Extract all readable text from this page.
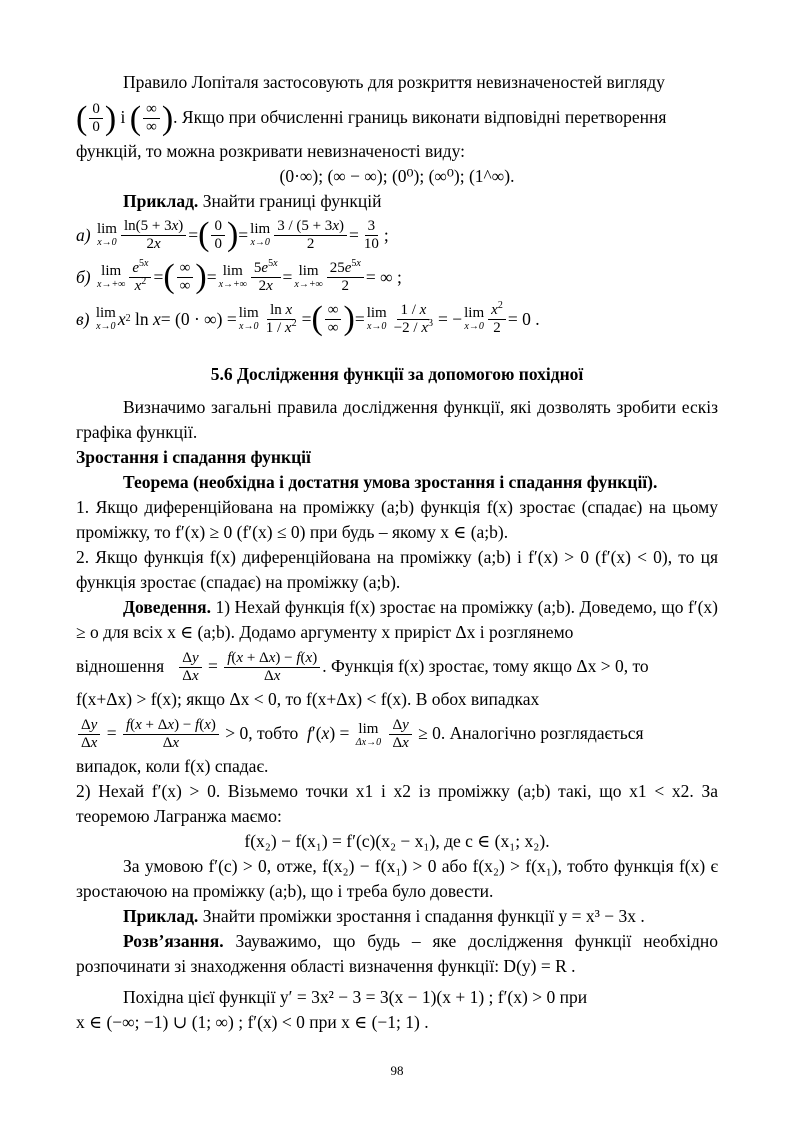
Правило Лопіталя застосовують для розкриття невизначеностей вигляду

( $\frac{0}{0}$ ) і ( $\frac{\infty}{\infty}$ ) . Якщо при обчисленні границь виконати відповідні перетворення

функцій, то можна розкривати невизначеності виду:

(0·∞); (∞ − ∞); (0⁰); (∞⁰); (1^∞).

Приклад. Знайти границі функцій

а)
lim
$x\to 0 \frac{\ln(5 + 3x)}{2x}$ = ( $\frac{0}{0}$ ) = lim
$x\to 0 \frac{3 / (5 + 3x)}{2} = \frac{3}{10}$ ;
б)
lim
$x\to+\infty \frac{e^{5x}}{x^2}$ = ( $\frac{\infty}{\infty}$ ) = lim
$x\to+\infty \frac{5e^{5x}}{2x} = \lim$
$x\to+\infty \frac{25e^{5x}}{2}$ = ∞ ;
в)
lim
x→0 x 2 ln x = (0 · ∞) = lim
$x\to 0 \frac{\text{ln x}}{1 / x^2}$ = ( $\frac{\infty}{\infty}$ ) = lim
$x\to 0 \frac{1 / x}{-2 / x^3}$ = − lim
$x\to 0 \frac{x^2}{2} = 0$ .
5.6 Дослідження функції за допомогою похідної

Визначимо загальні правила дослідження функції, які дозволять зробити ескіз графіка функції.

Зростання і спадання функції

Теорема (необхідна і достатня умова зростання і спадання функції).

1. Якщо диференційована на проміжку (a;b) функція f(x) зростає (спадає) на цьому проміжку, то f′(x) ≥ 0 (f′(x) ≤ 0) при будь – якому x ∈ (a;b).

2. Якщо функція f(x) диференційована на проміжку (a;b) і f′(x) > 0 (f′(x) < 0), то ця функція зростає (спадає) на проміжку (a;b).

Доведення. 1) Нехай функція f(x) зростає на проміжку (a;b). Доведемо, що f′(x) ≥ o для всіх x ∈ (a;b). Додамо аргументу x приріст Δx і розглянемо

відношення $\frac{\Delta y}{\Delta x} = \frac{f(x + \Delta x) - f(x)}{\Delta x}$ . Функція f(x) зростає, тому якщо Δx > 0, то

f(x+Δx) > f(x); якщо Δx < 0, то f(x+Δx) < f(x). В обох випадках

$\frac{\Delta y}{\Delta x} = \frac{f(x + \Delta x) - f(x)}{\Delta x} > 0$, тобто f′(x) = lim
Δx→0
$\frac{\Delta y}{\Delta x} \ge 0$. Аналогічно розглядається

випадок, коли f(x) спадає.

2) Нехай f′(x) > 0. Візьмемо точки x1 і x2 із проміжку (a;b) такі, що x1 < x2. За теоремою Лагранжа маємо:

f(x₂) − f(x₁) = f′(c)(x₂ − x₁), де c ∈ (x₁; x₂).

За умовою f′(c) > 0, отже, f(x₂) − f(x₁) > 0 або f(x₂) > f(x₁), тобто функція f(x) є зростаючою на проміжку (a;b), що і треба було довести.

Приклад. Знайти проміжки зростання і спадання функції y = x³ − 3x .

Розв’язання. Зауважимо, що будь – яке дослідження функції необхідно розпочинати зі знаходження області визначення функції: D(y) = R .

Похідна цієї функції y′ = 3x² − 3 = 3(x − 1)(x + 1) ; f′(x) > 0 при

x ∈ (−∞; −1) ∪ (1; ∞) ; f′(x) < 0 при x ∈ (−1; 1) .

98
